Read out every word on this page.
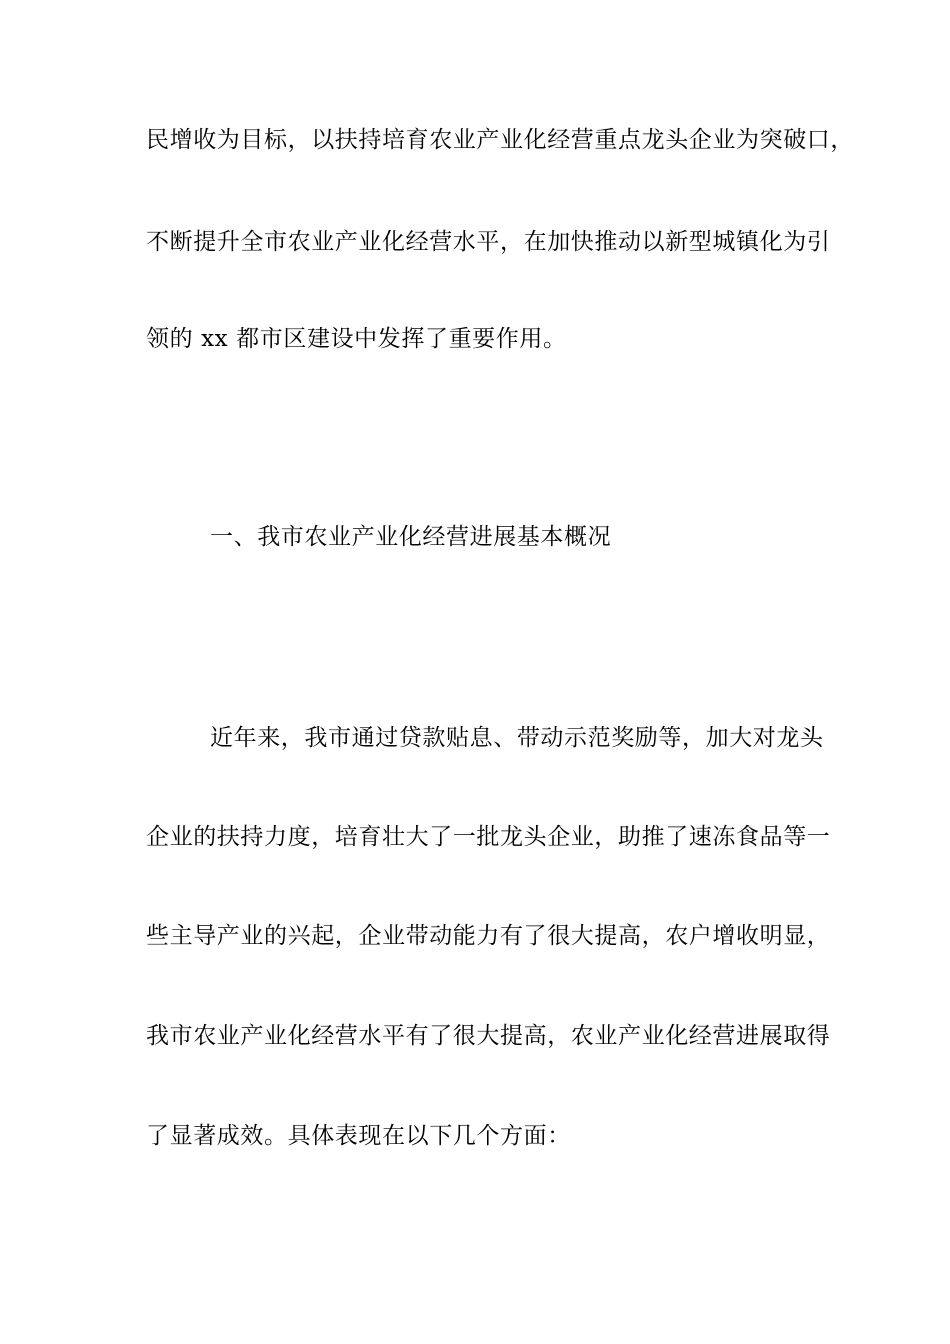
民增收为目标，以扶持培育农业产业化经营重点龙头企业为突破口，
不断提升全市农业产业化经营水平，在加快推动以新型城镇化为引
领的 xx 都市区建设中发挥了重要作用。
一、我市农业产业化经营进展基本概况
近年来，我市通过贷款贴息、带动示范奖励等，加大对龙头
企业的扶持力度，培育壮大了一批龙头企业，助推了速冻食品等一
些主导产业的兴起，企业带动能力有了很大提高，农户增收明显，
我市农业产业化经营水平有了很大提高，农业产业化经营进展取得
了显著成效。具体表现在以下几个方面：
